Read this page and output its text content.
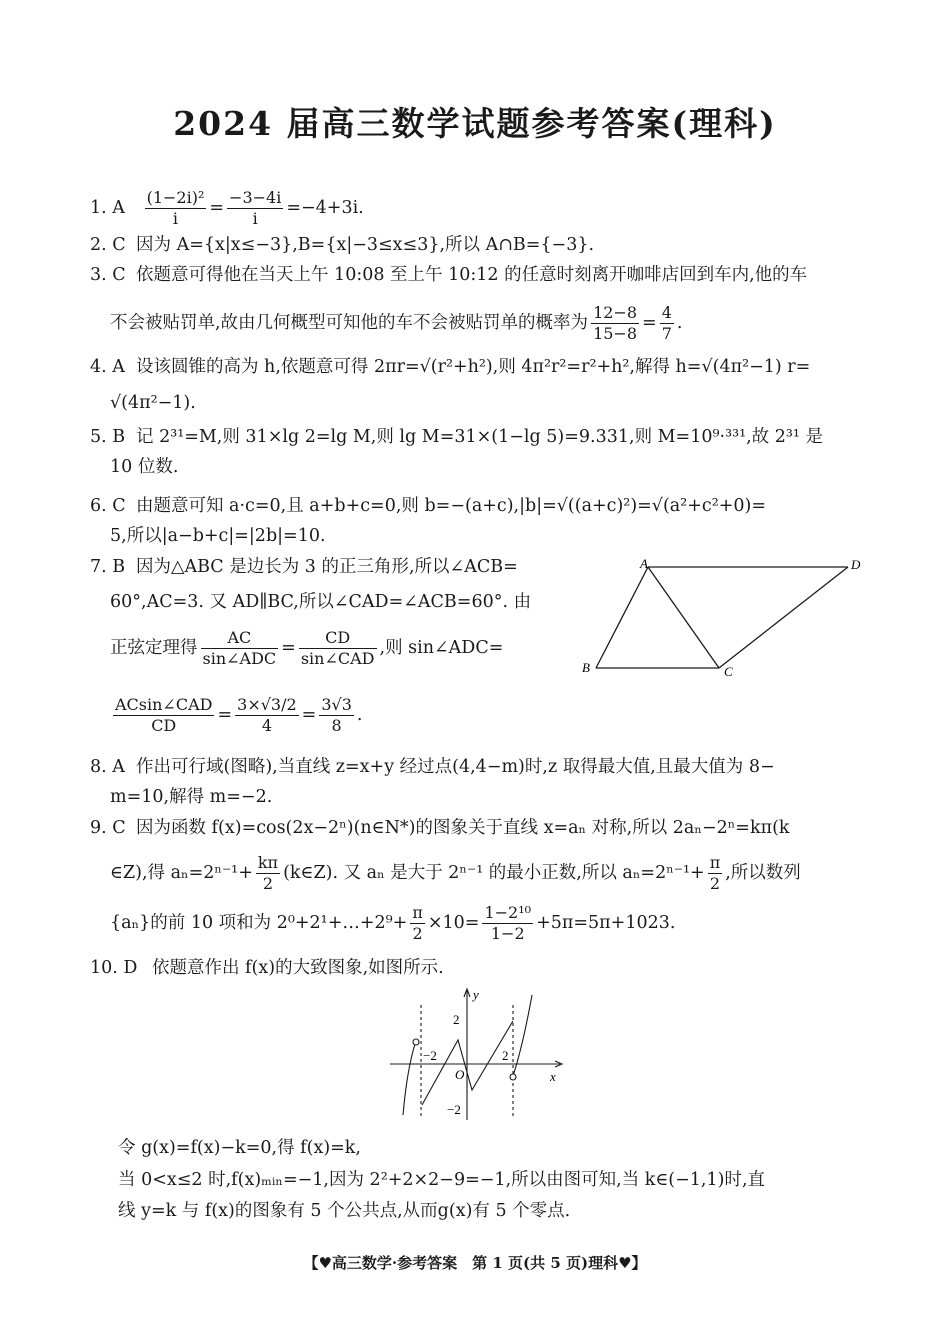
2024 届高三数学试题参考答案(理科)
1. A $\frac{\text{(1−2i)²}}{i} = \frac{-3-4i}{i} =-4+3i$.
2. C 因为 A={x|x≤−3},B={x|−3≤x≤3},所以 A∩B={−3}.
3. C 依题意可得他在当天上午 10:08 至上午 10:12 的任意时刻离开咖啡店回到车内,他的车
不会被贴罚单,故由几何概型可知他的车不会被贴罚单的概率为 $\frac{12-8}{15-8} = \frac{4}{7}$ .
4. A 设该圆锥的高为 h,依题意可得 2πr=√(r²+h²),则 4π²r²=r²+h²,解得 h=√(4π²−1) r=
√(4π²−1).
5. B 记 2³¹=M,则 31×lg 2=lg M,则 lg M=31×(1−lg 5)=9.331,则 M=10⁹·³³¹,故 2³¹ 是
10 位数.
6. C 由题意可知 a·c=0,且 a+b+c=0,则 b=−(a+c),|b|=√((a+c)²)=√(a²+c²+0)=
5,所以|a−b+c|=|2b|=10.
7. B 因为△ABC 是边长为 3 的正三角形,所以∠ACB=
60°,AC=3. 又 AD∥BC,所以∠CAD=∠ACB=60°. 由
正弦定理得 $\frac{AC}{\text{sin∠ADC}} = \frac{CD}{\text{sin∠CAD}}$ ,则 sin∠ADC=
$\frac{\text{ACsin∠CAD}}{CD} = \frac{3\times√3/2}{4} = \frac{3√3}{8}$ .
A	D
B	C
8. A 作出可行域(图略),当直线 z=x+y 经过点(4,4−m)时,z 取得最大值,且最大值为 8−
m=10,解得 m=−2.
9. C 因为函数 f(x)=cos(2x−2ⁿ)(n∈N*)的图象关于直线 x=aₙ 对称,所以 2aₙ−2ⁿ=kπ(k
∈Z),得 $a_n=2^{n-1}+ \frac{k\pi}{2}$ (k∈Z). 又 aₙ 是大于 2ⁿ⁻¹ 的最小正数,所以 $a_n=2^{n-1}+ \frac{\pi}{2}$ ,所以数列
{aₙ}的前 10 项和为 2⁰+2¹+…+2⁹+ $\frac{\pi}{2} \times 10= \frac{\text{1−2¹⁰}}{1-2} +5\pi=5\pi+1023$.
10. D 依题意作出 f(x)的大致图象,如图所示.
y
x
O
2
−2
2
−2
令 g(x)=f(x)−k=0,得 f(x)=k,
当 0<x≤2 时,f(x)ₘᵢₙ=−1,因为 2²+2×2−9=−1,所以由图可知,当 k∈(−1,1)时,直
线 y=k 与 f(x)的图象有 5 个公共点,从而g(x)有 5 个零点.
【♥高三数学·参考答案　第 1 页(共 5 页)理科♥】
